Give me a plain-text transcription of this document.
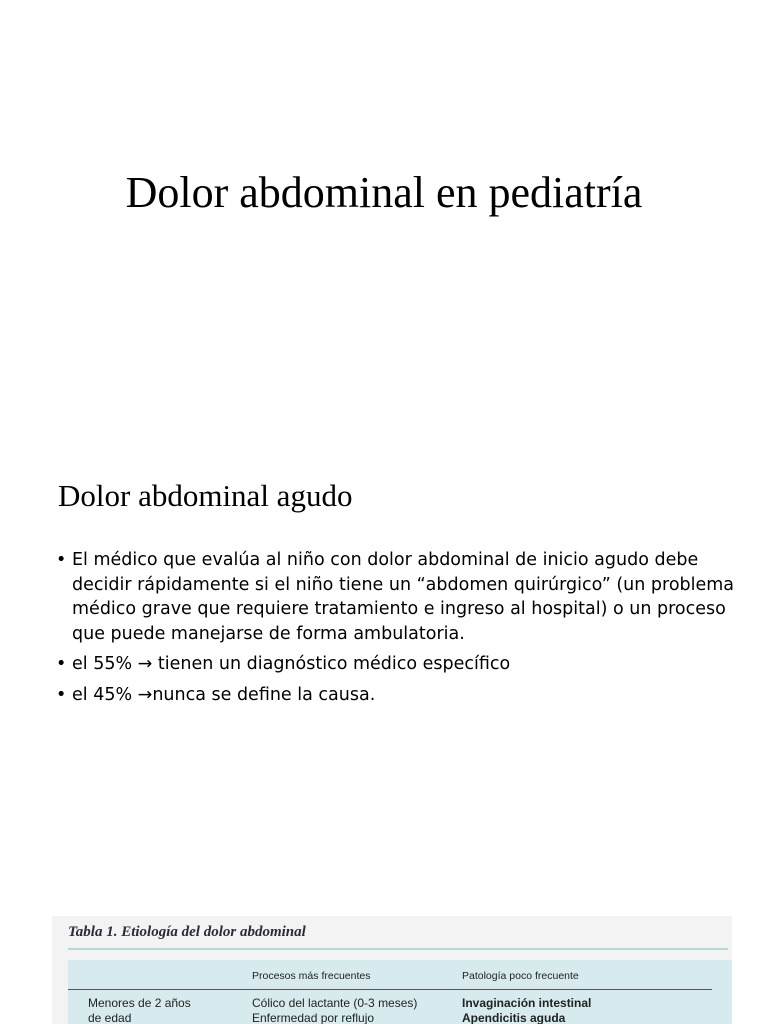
Dolor abdominal en pediatría
Dolor abdominal agudo
• El médico que evalúa al niño con dolor abdominal de inicio agudo debe decidir rápidamente si el niño tiene un “abdomen quirúrgico” (un problema médico grave que requiere tratamiento e ingreso al hospital) o un proceso que puede manejarse de forma ambulatoria.
• el 55% → tienen un diagnóstico médico específico
• el 45% →nunca se define la causa.
Tabla 1. Etiología del dolor abdominal
Procesos más frecuentes	Patología poco frecuente
Menores de 2 años
de edad
Cólico del lactante (0-3 meses)
Enfermedad por reflujo
Invaginación intestinal
Apendicitis aguda
